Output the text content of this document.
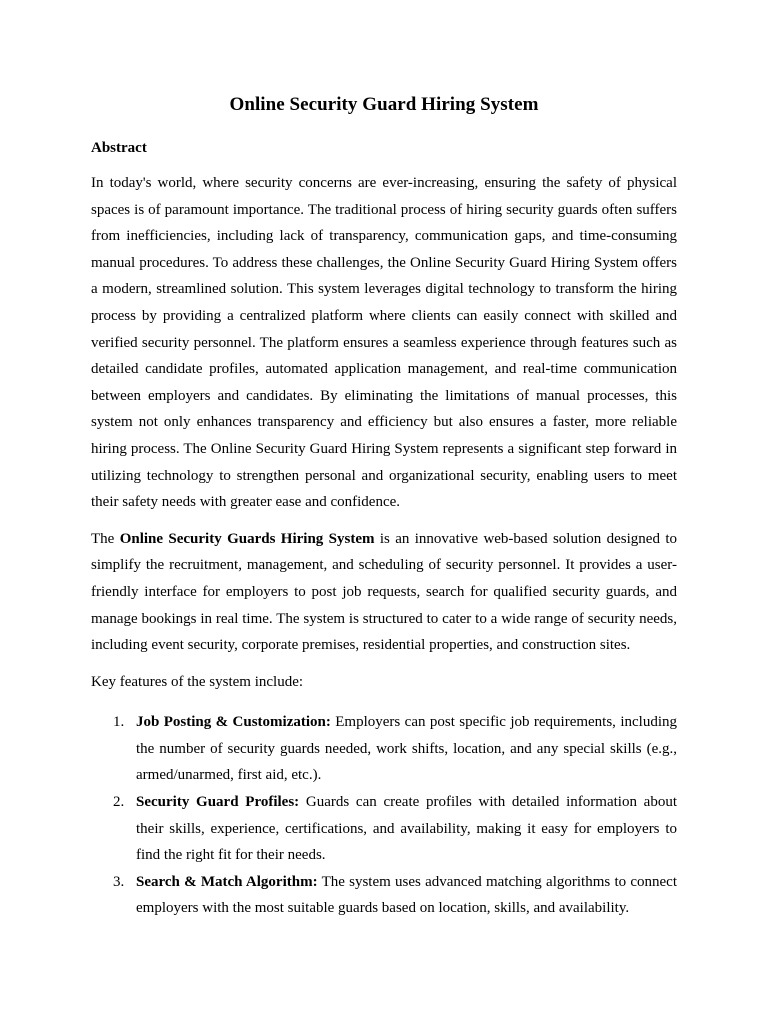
Online Security Guard Hiring System
Abstract

In today's world, where security concerns are ever-increasing, ensuring the safety of physical spaces is of paramount importance. The traditional process of hiring security guards often suffers from inefficiencies, including lack of transparency, communication gaps, and time-consuming manual procedures. To address these challenges, the Online Security Guard Hiring System offers a modern, streamlined solution. This system leverages digital technology to transform the hiring process by providing a centralized platform where clients can easily connect with skilled and verified security personnel. The platform ensures a seamless experience through features such as detailed candidate profiles, automated application management, and real-time communication between employers and candidates. By eliminating the limitations of manual processes, this system not only enhances transparency and efficiency but also ensures a faster, more reliable hiring process. The Online Security Guard Hiring System represents a significant step forward in utilizing technology to strengthen personal and organizational security, enabling users to meet their safety needs with greater ease and confidence.

The Online Security Guards Hiring System is an innovative web-based solution designed to simplify the recruitment, management, and scheduling of security personnel. It provides a user-friendly interface for employers to post job requests, search for qualified security guards, and manage bookings in real time. The system is structured to cater to a wide range of security needs, including event security, corporate premises, residential properties, and construction sites.

Key features of the system include:

1. Job Posting & Customization: Employers can post specific job requirements, including the number of security guards needed, work shifts, location, and any special skills (e.g., armed/unarmed, first aid, etc.).
2. Security Guard Profiles: Guards can create profiles with detailed information about their skills, experience, certifications, and availability, making it easy for employers to find the right fit for their needs.
3. Search & Match Algorithm: The system uses advanced matching algorithms to connect employers with the most suitable guards based on location, skills, and availability.
